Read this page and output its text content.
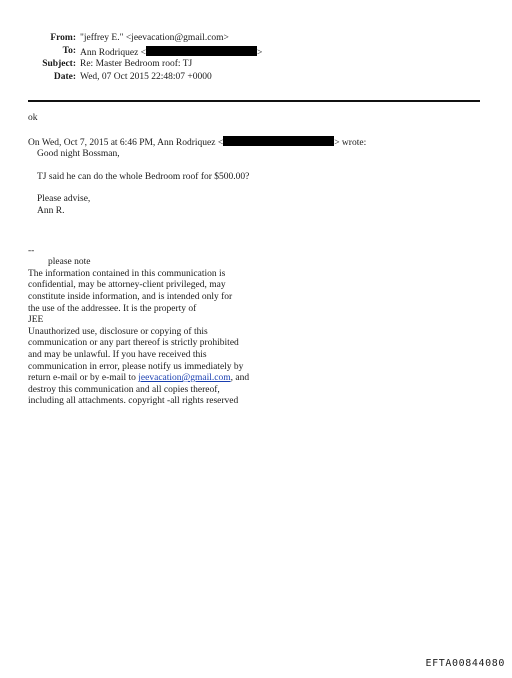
From: "jeffrey E." <jeevacation@gmail.com>
To: Ann Rodriquez <	>
Subject: Re: Master Bedroom roof: TJ
Date: Wed, 07 Oct 2015 22:48:07 +0000
ok
On Wed, Oct 7, 2015 at 6:46 PM, Ann Rodriquez <	> wrote:
Good night Bossman,
TJ said he can do the whole Bedroom roof for $500.00?
Please advise,
Ann R.
--
please note
The information contained in this communication is
confidential, may be attorney-client privileged, may
constitute inside information, and is intended only for
the use of the addressee. It is the property of
JEE
Unauthorized use, disclosure or copying of this
communication or any part thereof is strictly prohibited
and may be unlawful. If you have received this
communication in error, please notify us immediately by
return e-mail or by e-mail to jeevacation@gmail.com, and
destroy this communication and all copies thereof,
including all attachments. copyright -all rights reserved
EFTA00844080
